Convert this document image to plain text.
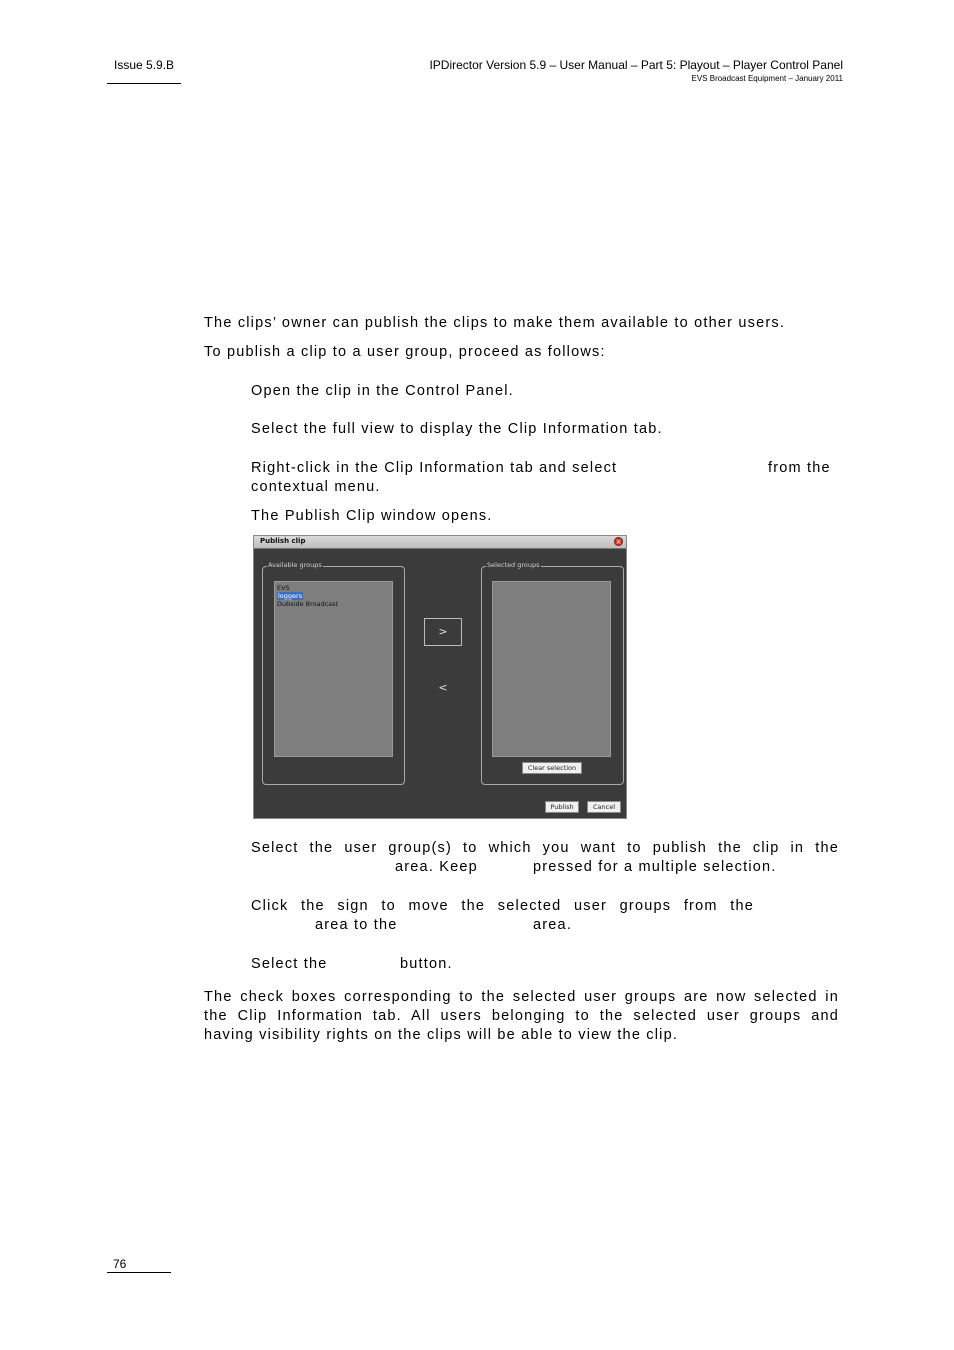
Issue 5.9.B	IPDirector Version 5.9 – User Manual – Part 5: Playout – Player Control Panel
EVS Broadcast Equipment – January 2011
The clips’ owner can publish the clips to make them available to other users.
To publish a clip to a user group, proceed as follows:
Open the clip in the Control Panel.
Select the full view to display the Clip Information tab.
Right-click in the Clip Information tab and select	from the
contextual menu.
The Publish Clip window opens.
Publish clip	×
Available groups
EVS
loggers
Dubside Broadcast
>
<
Selected groups
Clear selection
Publish	Cancel
Select the user group(s) to which you want to publish the clip in the
area. Keep	pressed for a multiple selection.
Click the sign to move the selected user groups from the
area to the	area.
Select the	button.
The check boxes corresponding to the selected user groups are now selected in
the Clip Information tab. All users belonging to the selected user groups and
having visibility rights on the clips will be able to view the clip.
76
